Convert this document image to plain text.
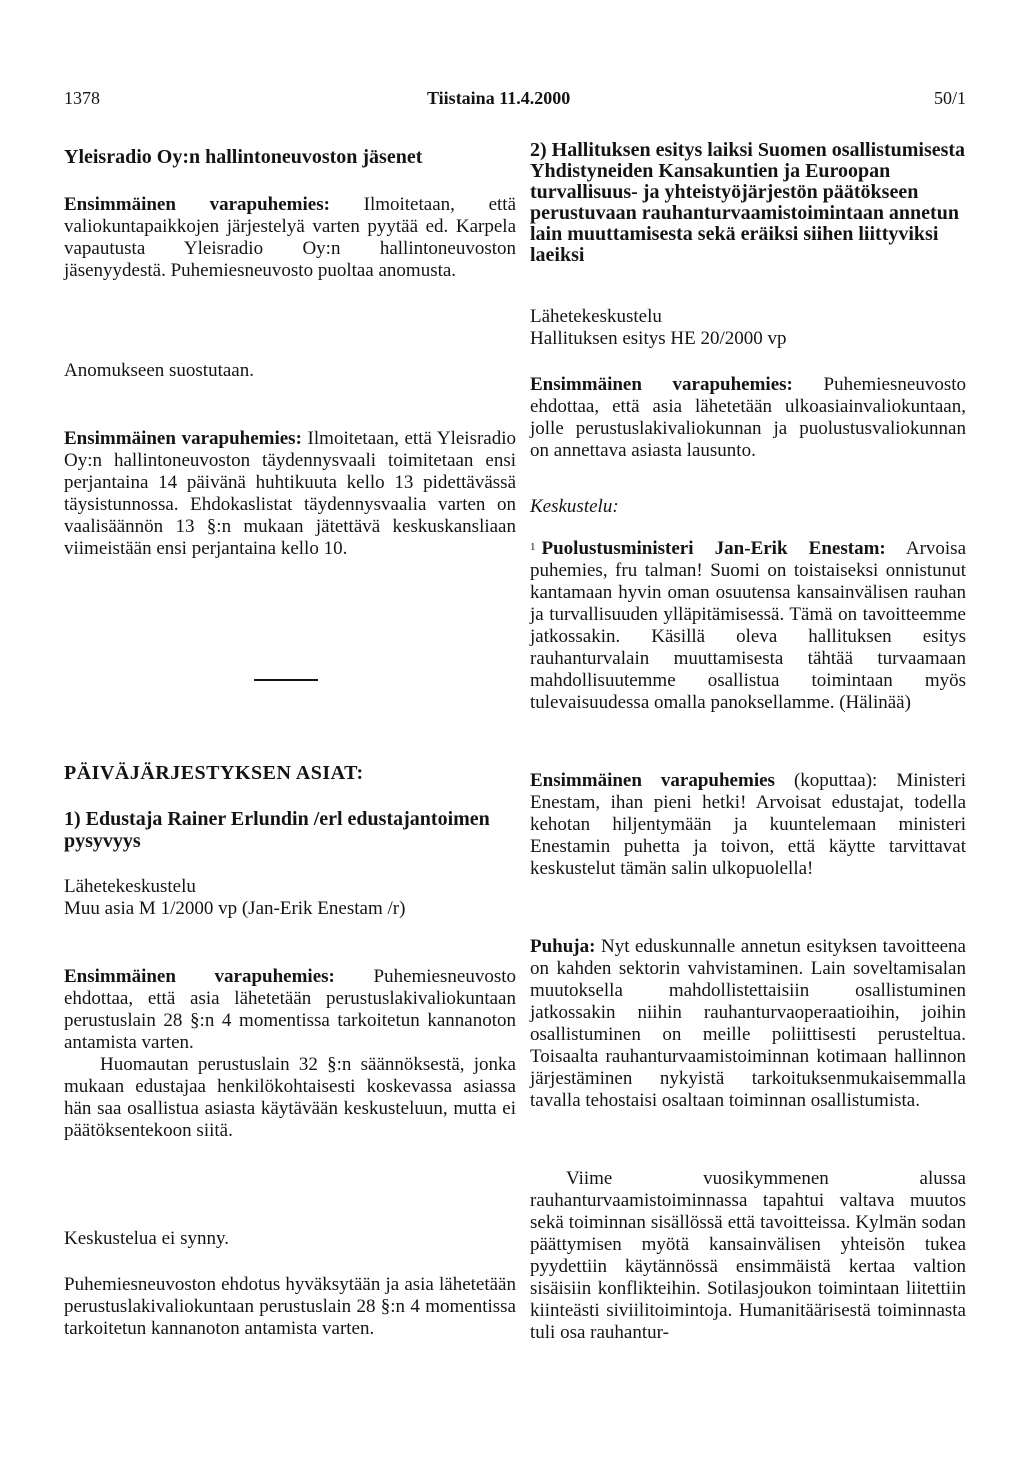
1378	Tiistaina 11.4.2000	50/1
Yleisradio Oy:n hallintoneuvoston jäsenet

Ensimmäinen varapuhemies: Ilmoitetaan, että valiokuntapaikkojen järjestelyä varten pyytää ed. Karpela vapautusta Yleisradio Oy:n hallintoneuvoston jäsenyydestä. Puhemiesneuvosto puoltaa anomusta.

Anomukseen suostutaan.

Ensimmäinen varapuhemies: Ilmoitetaan, että Yleisradio Oy:n hallintoneuvoston täydennysvaali toimitetaan ensi perjantaina 14 päivänä huhtikuuta kello 13 pidettävässä täysistunnossa. Ehdokaslistat täydennysvaalia varten on vaalisäännön 13 §:n mukaan jätettävä keskuskansliaan viimeistään ensi perjantaina kello 10.

PÄIVÄJÄRJESTYKSEN ASIAT:
1) Edustaja Rainer Erlundin /erl edustajantoimen pysyvyys
Lähetekeskustelu
Muu asia M 1/2000 vp (Jan-Erik Enestam /r)

Ensimmäinen varapuhemies: Puhemiesneuvosto ehdottaa, että asia lähetetään perustuslakivaliokuntaan perustuslain 28 §:n 4 momentissa tarkoitetun kannanoton antamista varten.

Huomautan perustuslain 32 §:n säännöksestä, jonka mukaan edustajaa henkilökohtaisesti koskevassa asiassa hän saa osallistua asiasta käytävään keskusteluun, mutta ei päätöksentekoon siitä.

Keskustelua ei synny.

Puhemiesneuvoston ehdotus hyväksytään ja asia lähetetään perustuslakivaliokuntaan perustuslain 28 §:n 4 momentissa tarkoitetun kannanoton antamista varten.

2) Hallituksen esitys laiksi Suomen osallistumisesta Yhdistyneiden Kansakuntien ja Euroopan turvallisuus- ja yhteistyöjärjestön päätökseen perustuvaan rauhanturvaamistoimintaan annetun lain muuttamisesta sekä eräiksi siihen liittyviksi laeiksi
Lähetekeskustelu
Hallituksen esitys HE 20/2000 vp

Ensimmäinen varapuhemies: Puhemiesneuvosto ehdottaa, että asia lähetetään ulkoasiainvaliokuntaan, jolle perustuslakivaliokunnan ja puolustusvaliokunnan on annettava asiasta lausunto.

Keskustelu:

$^1$ Puolustusministeri Jan-Erik Enestam: Arvoisa puhemies, fru talman! Suomi on toistaiseksi onnistunut kantamaan hyvin oman osuutensa kansainvälisen rauhan ja turvallisuuden ylläpitämisessä. Tämä on tavoitteemme jatkossakin. Käsillä oleva hallituksen esitys rauhanturvalain muuttamisesta tähtää turvaamaan mahdollisuutemme osallistua toimintaan myös tulevaisuudessa omalla panoksellamme. (Hälinää)

Ensimmäinen varapuhemies (koputtaa): Ministeri Enestam, ihan pieni hetki! Arvoisat edustajat, todella kehotan hiljentymään ja kuuntelemaan ministeri Enestamin puhetta ja toivon, että käytte tarvittavat keskustelut tämän salin ulkopuolella!

Puhuja: Nyt eduskunnalle annetun esityksen tavoitteena on kahden sektorin vahvistaminen. Lain soveltamisalan muutoksella mahdollistettaisiin osallistuminen jatkossakin niihin rauhanturvaoperaatioihin, joihin osallistuminen on meille poliittisesti perusteltua. Toisaalta rauhanturvaamistoiminnan kotimaan hallinnon järjestäminen nykyistä tarkoituksenmukaisemmalla tavalla tehostaisi osaltaan toiminnan osallistumista.

Viime vuosikymmenen alussa rauhanturvaamistoiminnassa tapahtui valtava muutos sekä toiminnan sisällössä että tavoitteissa. Kylmän sodan päättymisen myötä kansainvälisen yhteisön tukea pyydettiin käytännössä ensimmäistä kertaa valtion sisäisiin konflikteihin. Sotilasjoukon toimintaan liitettiin kiinteästi siviilitoimintoja. Humanitäärisestä toiminnasta tuli osa rauhantur-
